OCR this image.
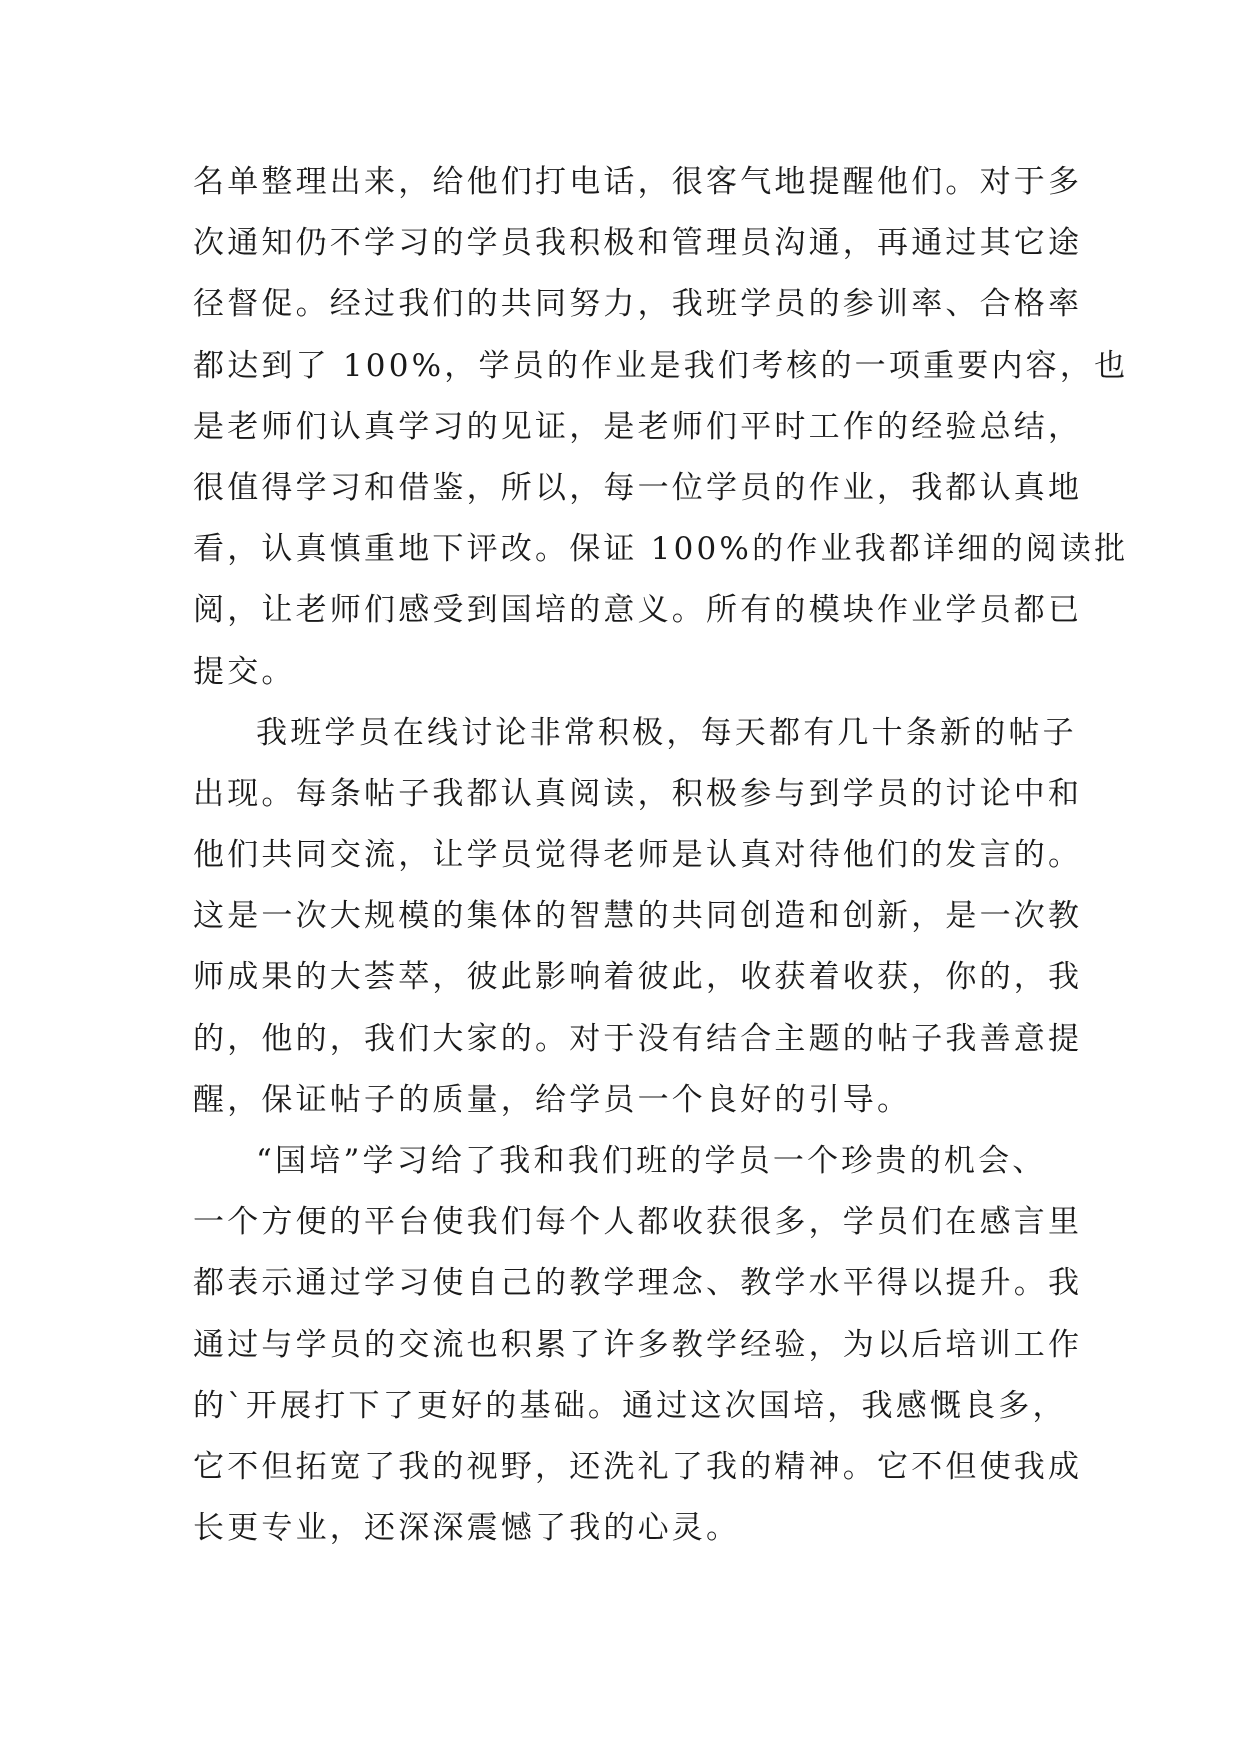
名单整理出来，给他们打电话，很客气地提醒他们。对于多
次通知仍不学习的学员我积极和管理员沟通，再通过其它途
径督促。经过我们的共同努力，我班学员的参训率、合格率
都达到了 100%，学员的作业是我们考核的一项重要内容，也
是老师们认真学习的见证，是老师们平时工作的经验总结，
很值得学习和借鉴，所以，每一位学员的作业，我都认真地
看，认真慎重地下评改。保证 100%的作业我都详细的阅读批
阅，让老师们感受到国培的意义。所有的模块作业学员都已
提交。
我班学员在线讨论非常积极，每天都有几十条新的帖子
出现。每条帖子我都认真阅读，积极参与到学员的讨论中和
他们共同交流，让学员觉得老师是认真对待他们的发言的。
这是一次大规模的集体的智慧的共同创造和创新，是一次教
师成果的大荟萃，彼此影响着彼此，收获着收获，你的，我
的，他的，我们大家的。对于没有结合主题的帖子我善意提
醒，保证帖子的质量，给学员一个良好的引导。
“国培”学习给了我和我们班的学员一个珍贵的机会、
一个方便的平台使我们每个人都收获很多，学员们在感言里
都表示通过学习使自己的教学理念、教学水平得以提升。我
通过与学员的交流也积累了许多教学经验，为以后培训工作
的`开展打下了更好的基础。通过这次国培，我感慨良多，
它不但拓宽了我的视野，还洗礼了我的精神。它不但使我成
长更专业，还深深震憾了我的心灵。
